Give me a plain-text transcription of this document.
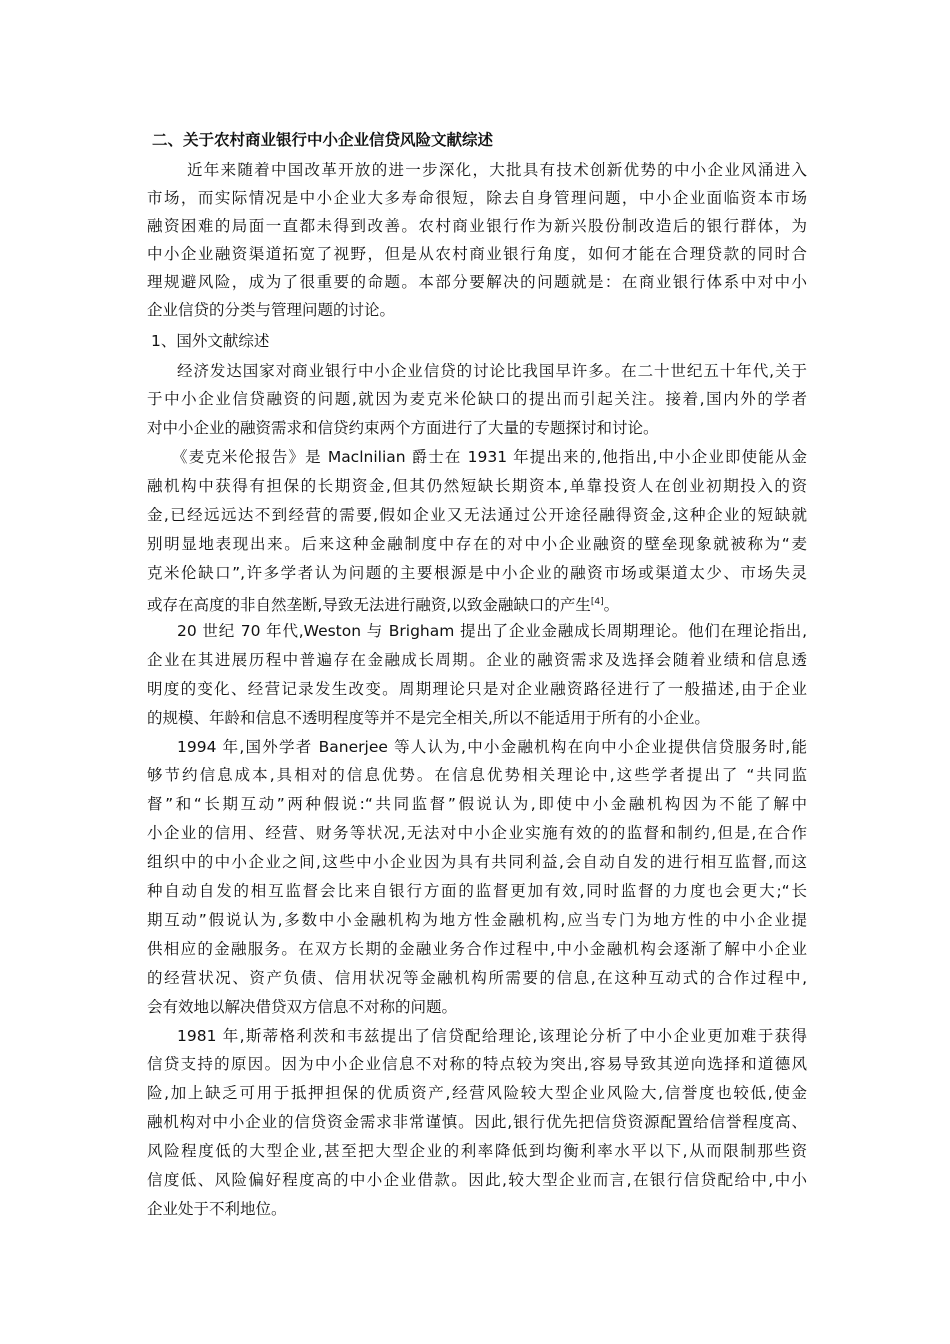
二、关于农村商业银行中小企业信贷风险文献综述
近年来随着中国改革开放的进一步深化，大批具有技术创新优势的中小企业风涌进入
市场，而实际情况是中小企业大多寿命很短，除去自身管理问题，中小企业面临资本市场
融资困难的局面一直都未得到改善。农村商业银行作为新兴股份制改造后的银行群体，为
中小企业融资渠道拓宽了视野，但是从农村商业银行角度，如何才能在合理贷款的同时合
理规避风险，成为了很重要的命题。本部分要解决的问题就是：在商业银行体系中对中小
企业信贷的分类与管理问题的讨论。
1、国外文献综述
经济发达国家对商业银行中小企业信贷的讨论比我国早许多。在二十世纪五十年代,关于
于中小企业信贷融资的问题,就因为麦克米伦缺口的提出而引起关注。接着,国内外的学者
对中小企业的融资需求和信贷约束两个方面进行了大量的专题探讨和讨论。
《麦克米伦报告》是 Maclnilian 爵士在 1931 年提出来的,他指出,中小企业即使能从金
融机构中获得有担保的长期资金,但其仍然短缺长期资本,单靠投资人在创业初期投入的资
金,已经远远达不到经营的需要,假如企业又无法通过公开途径融得资金,这种企业的短缺就
别明显地表现出来。后来这种金融制度中存在的对中小企业融资的壁垒现象就被称为“麦
克米伦缺口”,许多学者认为问题的主要根源是中小企业的融资市场或渠道太少、市场失灵
或存在高度的非自然垄断,导致无法进行融资,以致金融缺口的产生[4]。
20 世纪 70 年代,Weston 与 Brigham 提出了企业金融成长周期理论。他们在理论指出,
企业在其进展历程中普遍存在金融成长周期。企业的融资需求及选择会随着业绩和信息透
明度的变化、经营记录发生改变。周期理论只是对企业融资路径进行了一般描述,由于企业
的规模、年龄和信息不透明程度等并不是完全相关,所以不能适用于所有的小企业。
1994 年,国外学者 Banerjee 等人认为,中小金融机构在向中小企业提供信贷服务时,能
够节约信息成本,具相对的信息优势。在信息优势相关理论中,这些学者提出了 “共同监
督”和“长期互动”两种假说:“共同监督”假说认为,即使中小金融机构因为不能了解中
小企业的信用、经营、财务等状况,无法对中小企业实施有效的的监督和制约,但是,在合作
组织中的中小企业之间,这些中小企业因为具有共同利益,会自动自发的进行相互监督,而这
种自动自发的相互监督会比来自银行方面的监督更加有效,同时监督的力度也会更大;“长
期互动”假说认为,多数中小金融机构为地方性金融机构,应当专门为地方性的中小企业提
供相应的金融服务。在双方长期的金融业务合作过程中,中小金融机构会逐渐了解中小企业
的经营状况、资产负债、信用状况等金融机构所需要的信息,在这种互动式的合作过程中,
会有效地以解决借贷双方信息不对称的问题。
1981 年,斯蒂格利茨和韦兹提出了信贷配给理论,该理论分析了中小企业更加难于获得
信贷支持的原因。因为中小企业信息不对称的特点较为突出,容易导致其逆向选择和道德风
险,加上缺乏可用于抵押担保的优质资产,经营风险较大型企业风险大,信誉度也较低,使金
融机构对中小企业的信贷资金需求非常谨慎。因此,银行优先把信贷资源配置给信誉程度高、
风险程度低的大型企业,甚至把大型企业的利率降低到均衡利率水平以下,从而限制那些资
信度低、风险偏好程度高的中小企业借款。因此,较大型企业而言,在银行信贷配给中,中小
企业处于不利地位。
